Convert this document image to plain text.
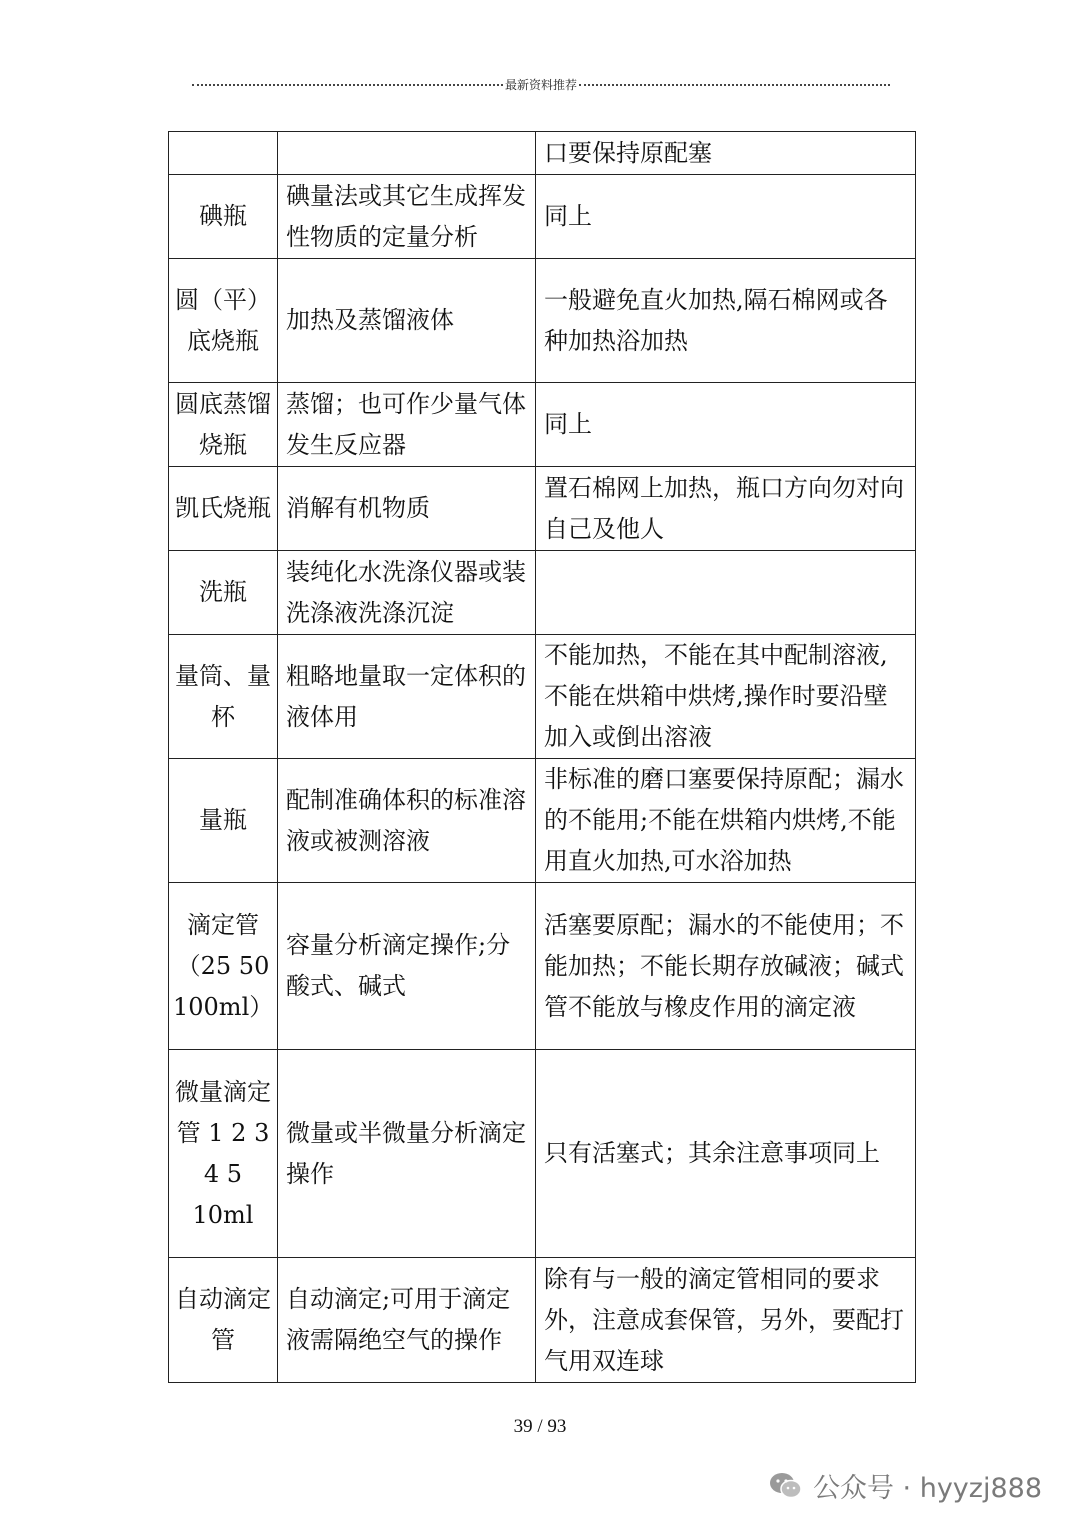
最新资料推荐
		口要保持原配塞
碘瓶	碘量法或其它生成挥发性物质的定量分析	同上
圆（平）底烧瓶	加热及蒸馏液体	一般避免直火加热,隔石棉网或各种加热浴加热
圆底蒸馏烧瓶	蒸馏；也可作少量气体发生反应器	同上
凯氏烧瓶	消解有机物质	置石棉网上加热，瓶口方向勿对向自己及他人
洗瓶	装纯化水洗涤仪器或装洗涤液洗涤沉淀	
量筒、量杯	粗略地量取一定体积的液体用	不能加热，不能在其中配制溶液,不能在烘箱中烘烤,操作时要沿壁加入或倒出溶液
量瓶	配制准确体积的标准溶液或被测溶液	非标准的磨口塞要保持原配；漏水的不能用;不能在烘箱内烘烤,不能用直火加热,可水浴加热
滴定管（25 50 100ml）	容量分析滴定操作;分酸式、碱式	活塞要原配；漏水的不能使用；不能加热；不能长期存放碱液；碱式管不能放与橡皮作用的滴定液
微量滴定管 1 2 3 4 5 10ml	微量或半微量分析滴定操作	只有活塞式；其余注意事项同上
自动滴定管	自动滴定;可用于滴定液需隔绝空气的操作	除有与一般的滴定管相同的要求外，注意成套保管，另外，要配打气用双连球
39 / 93
公众号 · hyyzj888
